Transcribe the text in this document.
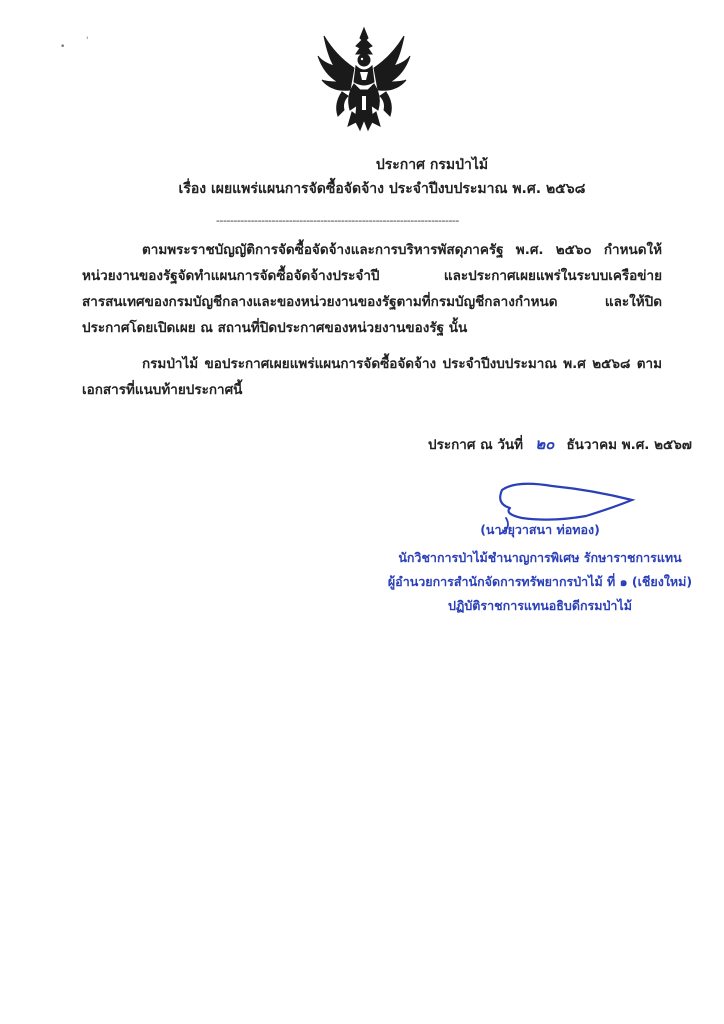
•
'
ประกาศ กรมป่าไม้
เรื่อง เผยแพร่แผนการจัดซื้อจัดจ้าง ประจำปีงบประมาณ พ.ศ. ๒๕๖๘
----------------------------------------------------------------------
ตามพระราชบัญญัติการจัดซื้อจัดจ้างและการบริหารพัสดุภาครัฐ พ.ศ. ๒๕๖๐ กำหนดให้หน่วยงานของรัฐจัดทำแผนการจัดซื้อจัดจ้างประจำปี และประกาศเผยแพร่ในระบบเครือข่ายสารสนเทศของกรมบัญชีกลางและของหน่วยงานของรัฐตามที่กรมบัญชีกลางกำหนด และให้ปิดประกาศโดยเปิดเผย ณ สถานที่ปิดประกาศของหน่วยงานของรัฐ นั้น
กรมป่าไม้ ขอประกาศเผยแพร่แผนการจัดซื้อจัดจ้าง ประจำปีงบประมาณ พ.ศ ๒๕๖๘ ตามเอกสารที่แนบท้ายประกาศนี้
ประกาศ ณ วันที่ ๒๐ ธันวาคม พ.ศ. ๒๕๖๗
(นางยุวาสนา ท่อทอง)
นักวิชาการป่าไม้ชำนาญการพิเศษ รักษาราชการแทน
ผู้อำนวยการสำนักจัดการทรัพยากรป่าไม้ ที่ ๑ (เชียงใหม่)
ปฏิบัติราชการแทนอธิบดีกรมป่าไม้
